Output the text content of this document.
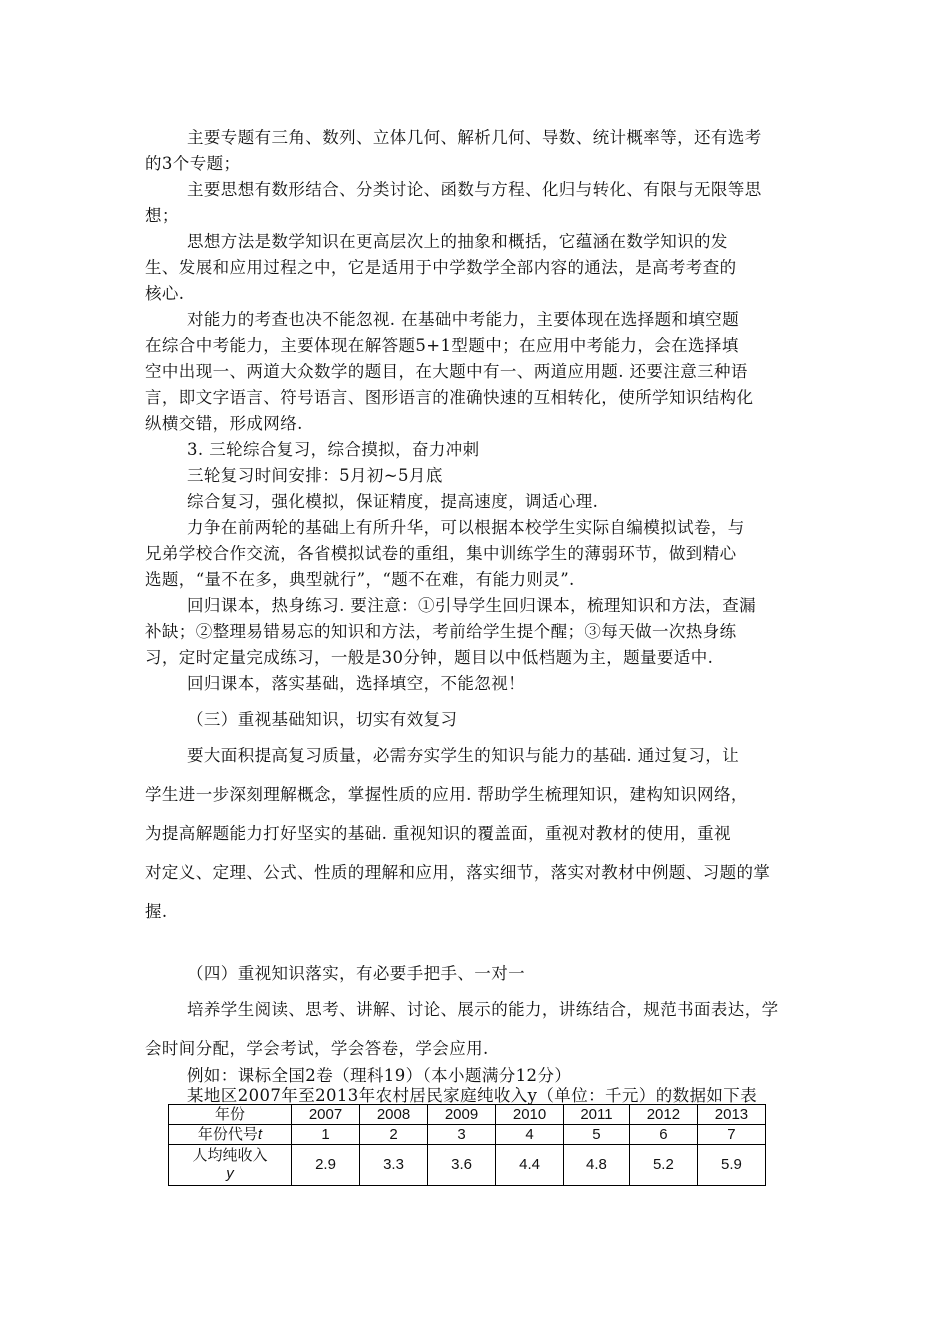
主要专题有三角、数列、立体几何、解析几何、导数、统计概率等，还有选考
的3个专题；
主要思想有数形结合、分类讨论、函数与方程、化归与转化、有限与无限等思
想；
思想方法是数学知识在更高层次上的抽象和概括，它蕴涵在数学知识的发
生、发展和应用过程之中，它是适用于中学数学全部内容的通法，是高考考查的
核心.
对能力的考查也决不能忽视. 在基础中考能力，主要体现在选择题和填空题
在综合中考能力，主要体现在解答题5+1型题中；在应用中考能力，会在选择填
空中出现一、两道大众数学的题目，在大题中有一、两道应用题. 还要注意三种语
言，即文字语言、符号语言、图形语言的准确快速的互相转化，使所学知识结构化
纵横交错，形成网络.
3. 三轮综合复习，综合摸拟，奋力冲刺
三轮复习时间安排：5月初~5月底
综合复习，强化模拟，保证精度，提高速度，调适心理.
力争在前两轮的基础上有所升华，可以根据本校学生实际自编模拟试卷，与
兄弟学校合作交流，各省模拟试卷的重组，集中训练学生的薄弱环节，做到精心
选题，“量不在多，典型就行”，“题不在难，有能力则灵”.
回归课本，热身练习. 要注意：①引导学生回归课本，梳理知识和方法，查漏
补缺；②整理易错易忘的知识和方法，考前给学生提个醒；③每天做一次热身练
习，定时定量完成练习，一般是30分钟，题目以中低档题为主，题量要适中.
回归课本，落实基础，选择填空，不能忽视！
（三）重视基础知识，切实有效复习
要大面积提高复习质量，必需夯实学生的知识与能力的基础. 通过复习，让
学生进一步深刻理解概念，掌握性质的应用. 帮助学生梳理知识，建构知识网络，
为提高解题能力打好坚实的基础. 重视知识的覆盖面，重视对教材的使用，重视
对定义、定理、公式、性质的理解和应用，落实细节，落实对教材中例题、习题的掌
握.
（四）重视知识落实，有必要手把手、一对一
培养学生阅读、思考、讲解、讨论、展示的能力，讲练结合，规范书面表达，学
会时间分配，学会考试，学会答卷，学会应用.
例如：课标全国2卷（理科19）（本小题满分12分）
某地区2007年至2013年农村居民家庭纯收入y（单位：千元）的数据如下表
年份	2007	2008	2009	2010	2011	2012	2013
年份代号t	1	2	3	4	5	6	7
人均纯收入
y	2.9	3.3	3.6	4.4	4.8	5.2	5.9
